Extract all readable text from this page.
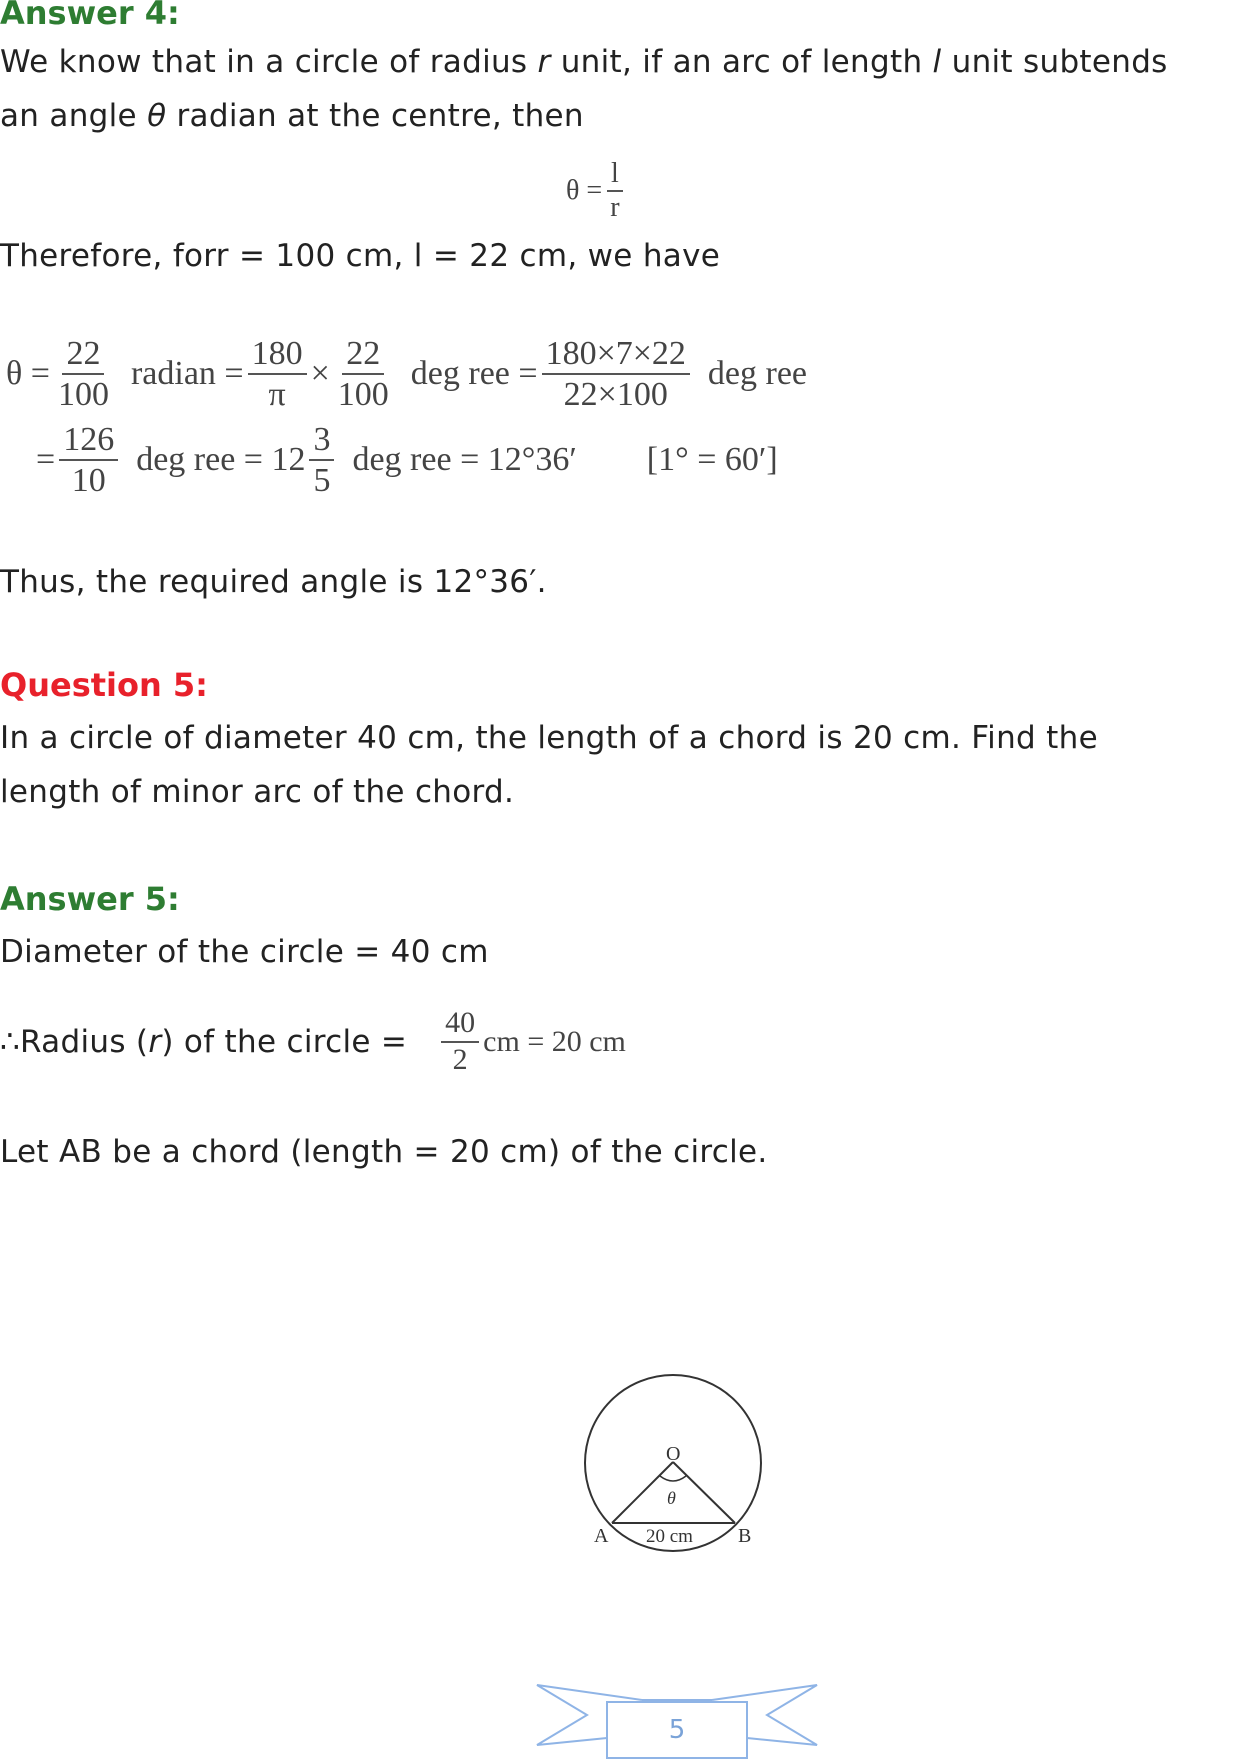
Answer 4:
We know that in a circle of radius r unit, if an arc of length l unit subtends
an angle θ radian at the centre, then
$\theta = \frac{l}{r}$
Therefore, forr = 100 cm, l = 22 cm, we have
$\theta = \frac{22}{100}$ radian = $\frac{180}{\pi} \times \frac{22}{100}$ deg ree = $\frac{180\times 7\times 22}{22\times 100}$ deg ree
= $\frac{126}{10}$ deg ree = $12 \frac{3}{5}$ deg ree = 12°36′ [1° = 60′]
Thus, the required angle is 12°36′.
Question 5:
In a circle of diameter 40 cm, the length of a chord is 20 cm. Find the
length of minor arc of the chord.
Answer 5:
Diameter of the circle = 40 cm
∴Radius ( r ) of the circle = $\frac{40}{2}$ cm = 20 cm
Let AB be a chord (length = 20 cm) of the circle.
O
θ
A	B
20 cm
5
